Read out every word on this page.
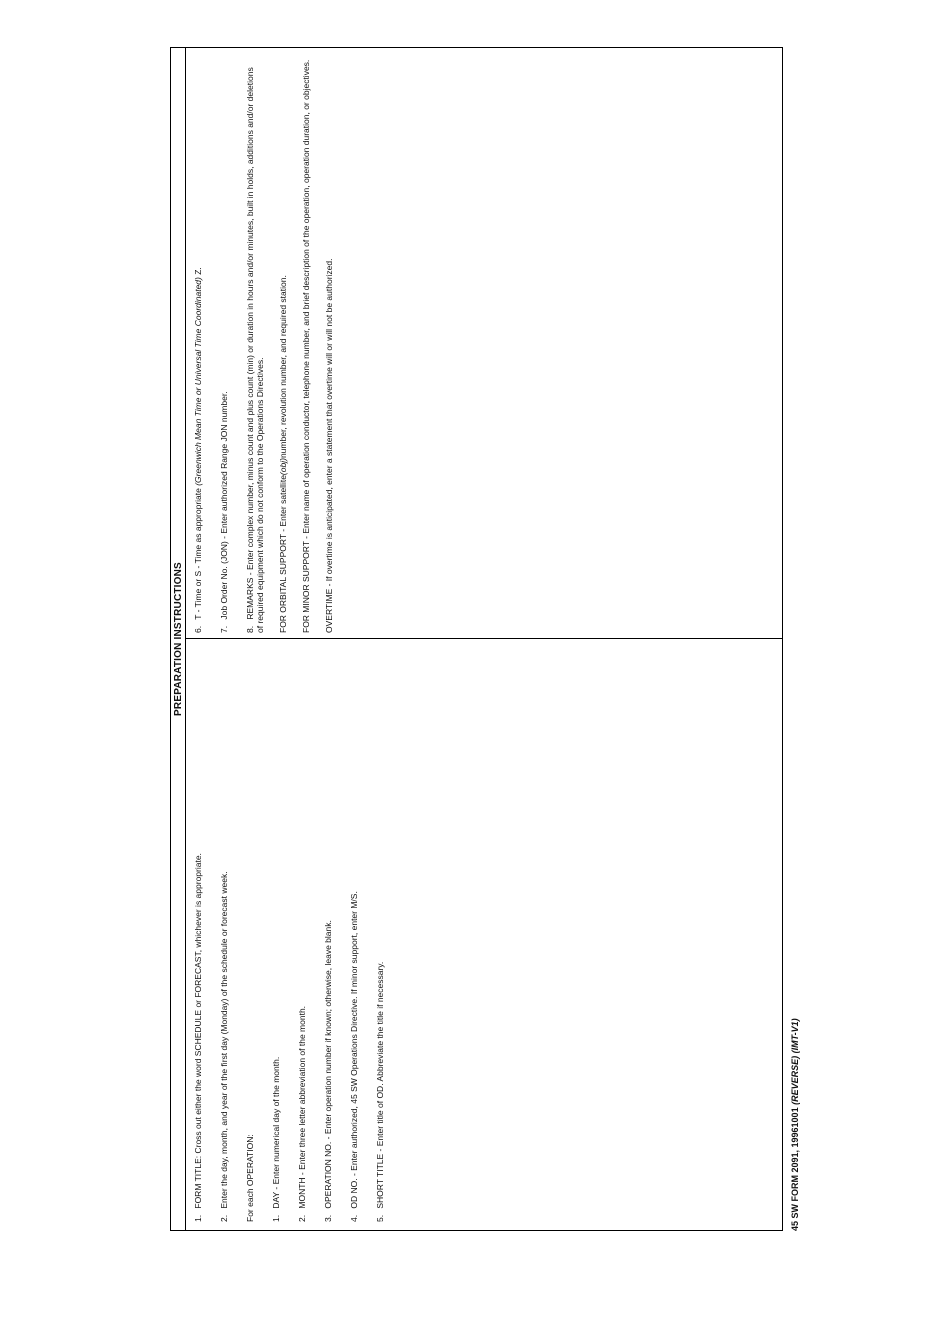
PREPARATION INSTRUCTIONS
1. FORM TITLE: Cross out either the word SCHEDULE or FORECAST, whichever is appropriate.
2. Enter the day, month, and year of the first day (Monday) of the schedule or forecast week. For each OPERATION: 1. DAY - Enter numerical day of the month.
2. MONTH - Enter three letter abbreviation of the month.
3. OPERATION NO. - Enter operation number if known; otherwise, leave blank.
4. OD NO. - Enter authorized, 45 SW Operations Directive. If minor support, enter M/S.
5. SHORT TITLE - Enter title of OD. Abbreviate the title if necessary.
6. T - Time or S - Time as appropriate (Greenwich Mean Time or Universal Time Coordinated) Z.
7. Job Order No. (JON) - Enter authorized Range JON number.
8. REMARKS - Enter complex number, minus count and plus count (min) or duration in hours and/or minutes, built in holds, additions and/or deletions of required equipment which do not conform to the Operations Directives. FOR ORBITAL SUPPORT - Enter satellite(obj)number, revolution number, and required station. FOR MINOR SUPPORT - Enter name of operation conductor, telephone number, and brief description of the operation, operation duration, or objectives. OVERTIME - If overtime is anticipated, enter a statement that overtime will or will not be authorized.
45 SW FORM 2091, 19961001 (REVERSE) (IMT-V1)
